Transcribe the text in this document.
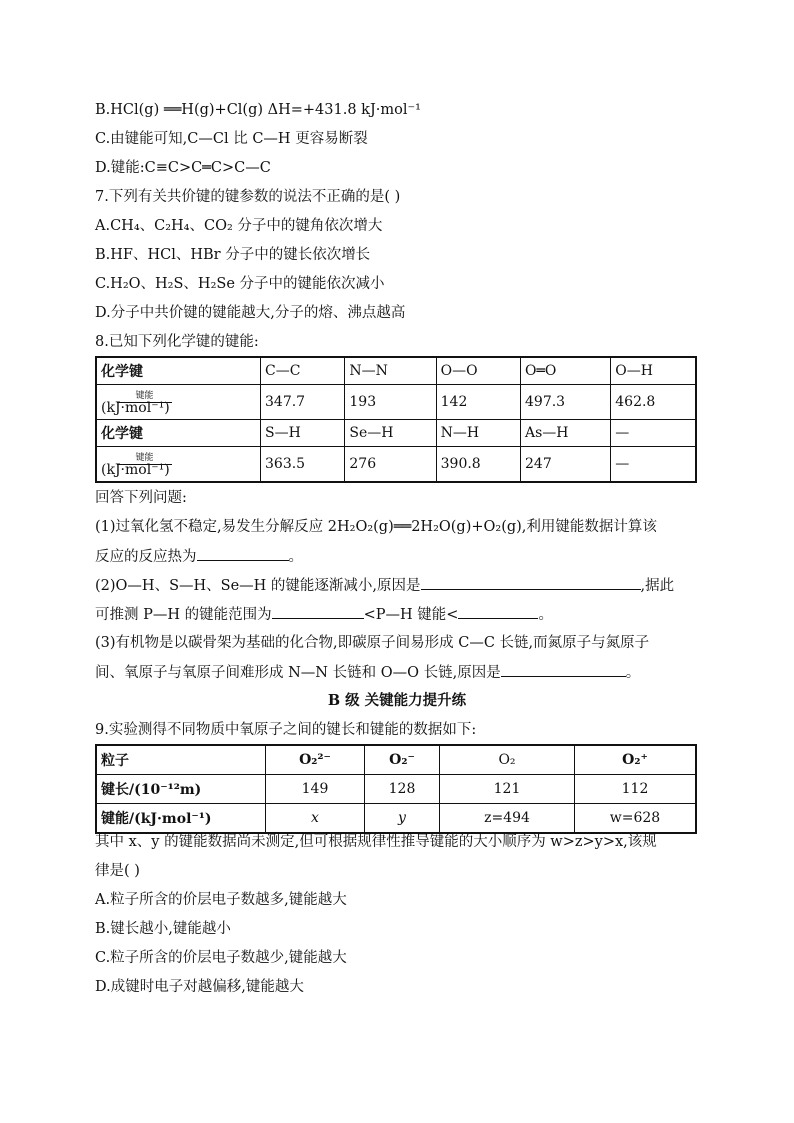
B.HCl(g) ══H(g)+Cl(g) ΔH=+431.8 kJ·mol⁻¹
C.由键能可知,C—Cl 比 C—H 更容易断裂
D.键能:C≡C>C═C>C—C
7.下列有关共价键的键参数的说法不正确的是( )
A.CH₄、C₂H₄、CO₂ 分子中的键角依次增大
B.HF、HCl、HBr 分子中的键长依次增长
C.H₂O、H₂S、H₂Se 分子中的键能依次减小
D.分子中共价键的键能越大,分子的熔、沸点越高
8.已知下列化学键的键能:
化学键	C—C	N—N	O—O	O═O	O—H

键能
(kJ·mol⁻¹)	347.7	193	142	497.3	462.8
化学键	S—H	Se—H	N—H	As—H	—

键能
(kJ·mol⁻¹)	363.5	276	390.8	247	—
回答下列问题:
(1)过氧化氢不稳定,易发生分解反应 2H₂O₂(g)══2H₂O(g)+O₂(g),利用键能数据计算该
反应的反应热为	。
(2)O—H、S—H、Se—H 的键能逐渐减小,原因是	,据此
可推测 P—H 的键能范围为	<P—H 键能<	。
(3)有机物是以碳骨架为基础的化合物,即碳原子间易形成 C—C 长链,而氮原子与氮原子
间、氧原子与氧原子间难形成 N—N 长链和 O—O 长链,原因是	。
B 级 关键能力提升练
9.实验测得不同物质中氧原子之间的键长和键能的数据如下:
粒子	O₂²⁻	O₂⁻	O₂	O₂⁺
键长/(10⁻¹²m)	149	128	121	112
键能/(kJ·mol⁻¹)	x	y	z=494	w=628
其中 x、y 的键能数据尚未测定,但可根据规律性推导键能的大小顺序为 w>z>y>x,该规
律是( )
A.粒子所含的价层电子数越多,键能越大
B.键长越小,键能越小
C.粒子所含的价层电子数越少,键能越大
D.成键时电子对越偏移,键能越大
